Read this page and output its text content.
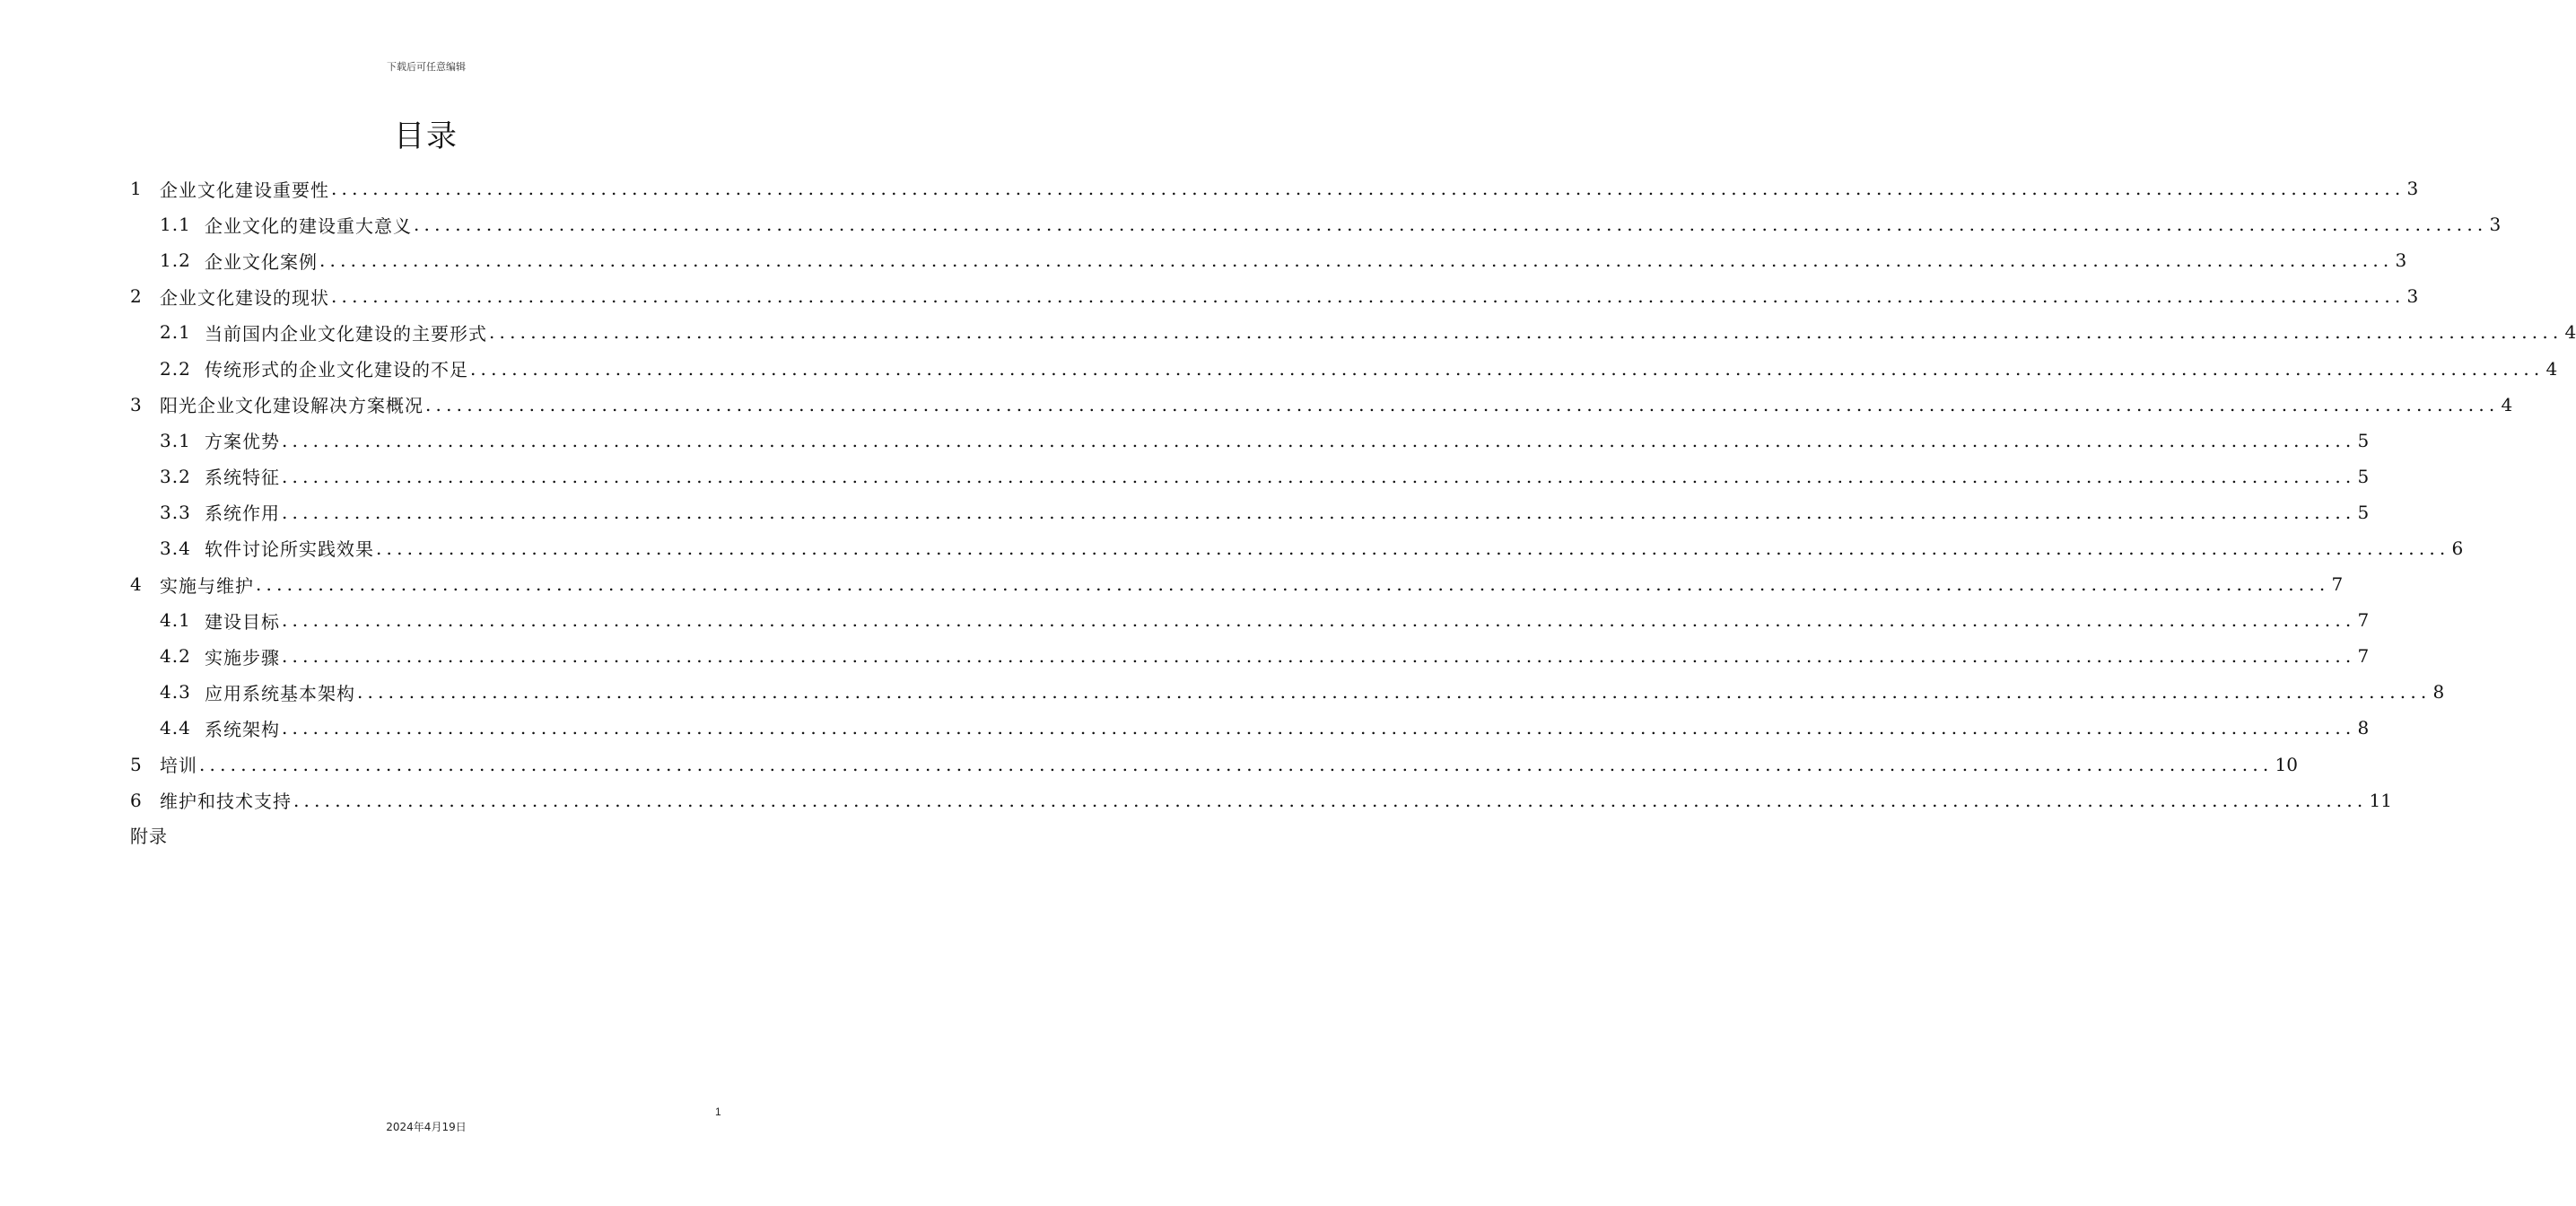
下载后可任意编辑
目录
1 企业文化建设重要性 ........................................................................................................................................................................................................ 3
1.1 企业文化的建设重大意义 ........................................................................................................................................................................................................ 3
1.2 企业文化案例 ........................................................................................................................................................................................................ 3
2 企业文化建设的现状 ........................................................................................................................................................................................................ 3
2.1 当前国内企业文化建设的主要形式 ........................................................................................................................................................................................................ 4
2.2 传统形式的企业文化建设的不足 ........................................................................................................................................................................................................ 4
3 阳光企业文化建设解决方案概况 ........................................................................................................................................................................................................ 4
3.1 方案优势 ........................................................................................................................................................................................................ 5
3.2 系统特征 ........................................................................................................................................................................................................ 5
3.3 系统作用 ........................................................................................................................................................................................................ 5
3.4 软件讨论所实践效果 ........................................................................................................................................................................................................ 6
4 实施与维护 ........................................................................................................................................................................................................ 7
4.1 建设目标 ........................................................................................................................................................................................................ 7
4.2 实施步骤 ........................................................................................................................................................................................................ 7
4.3 应用系统基本架构 ........................................................................................................................................................................................................ 8
4.4 系统架构 ........................................................................................................................................................................................................ 8
5 培训 ........................................................................................................................................................................................................ 10
6 维护和技术支持 ........................................................................................................................................................................................................ 11
附录
1
2024年4月19日
